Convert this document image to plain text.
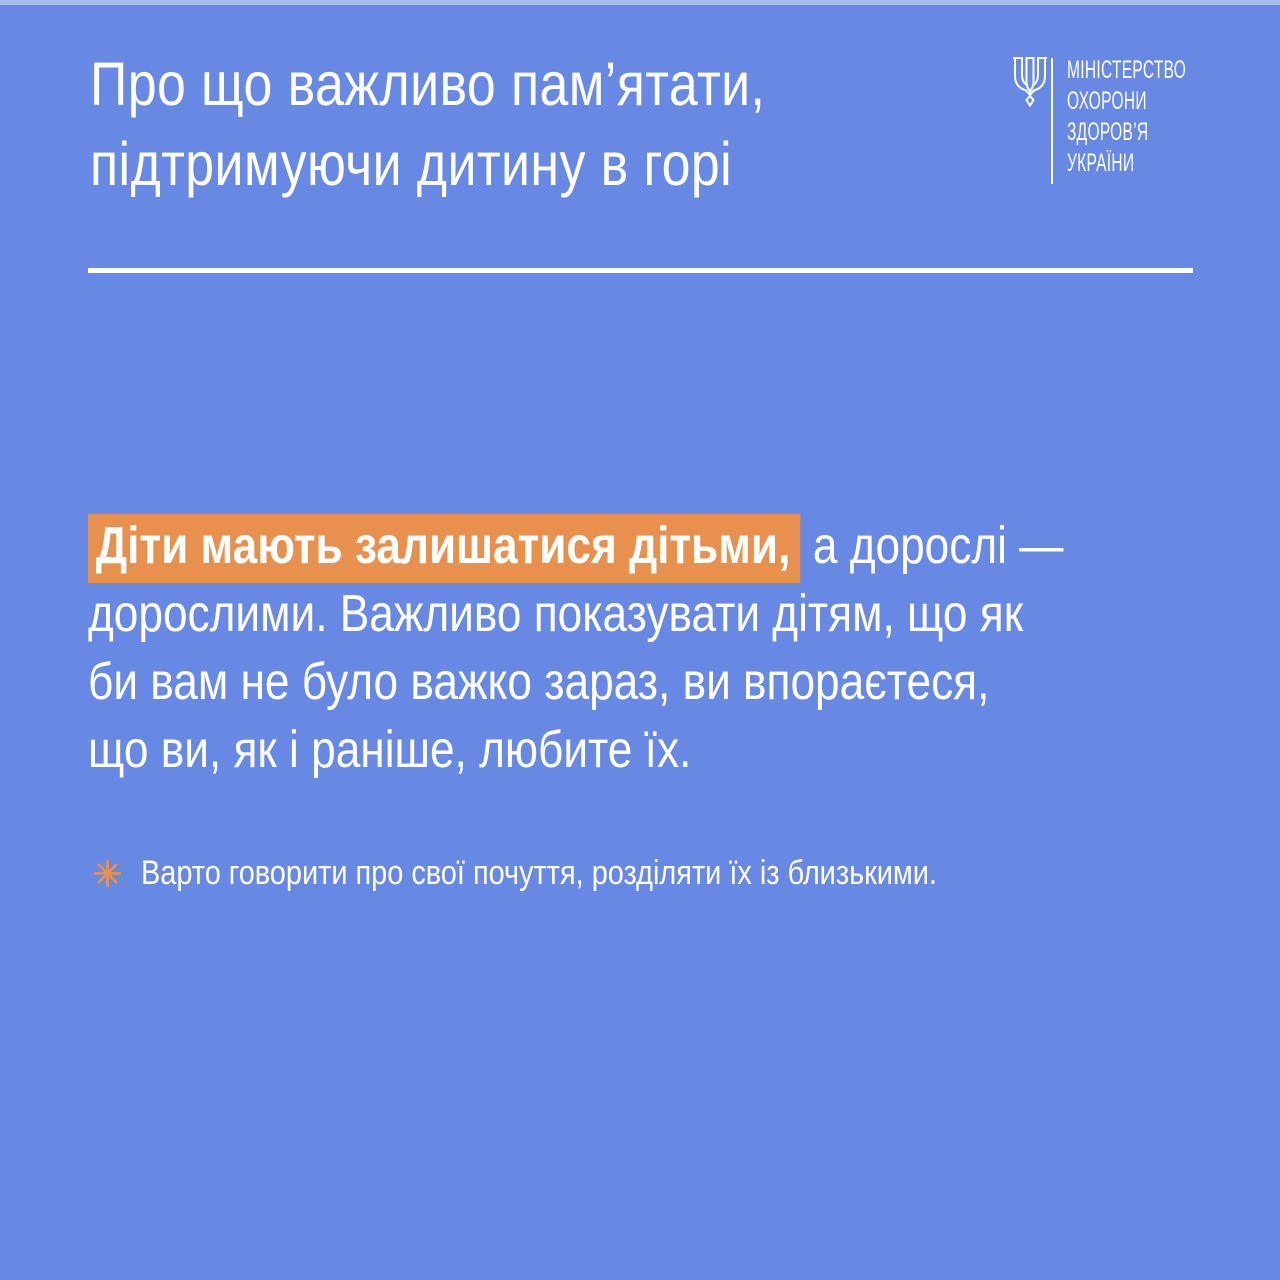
Про що важливо пам’ятати,
підтримуючи дитину в горі
МІНІСТЕРСТВО
ОХОРОНИ
ЗДОРОВ’Я
УКРАЇНИ
Діти мають залишатися дітьми, а дорослі —
дорослими. Важливо показувати дітям, що як
би вам не було важко зараз, ви впораєтеся,
що ви, як і раніше, любите їх.
Варто говорити про свої почуття, розділяти їх із близькими.
